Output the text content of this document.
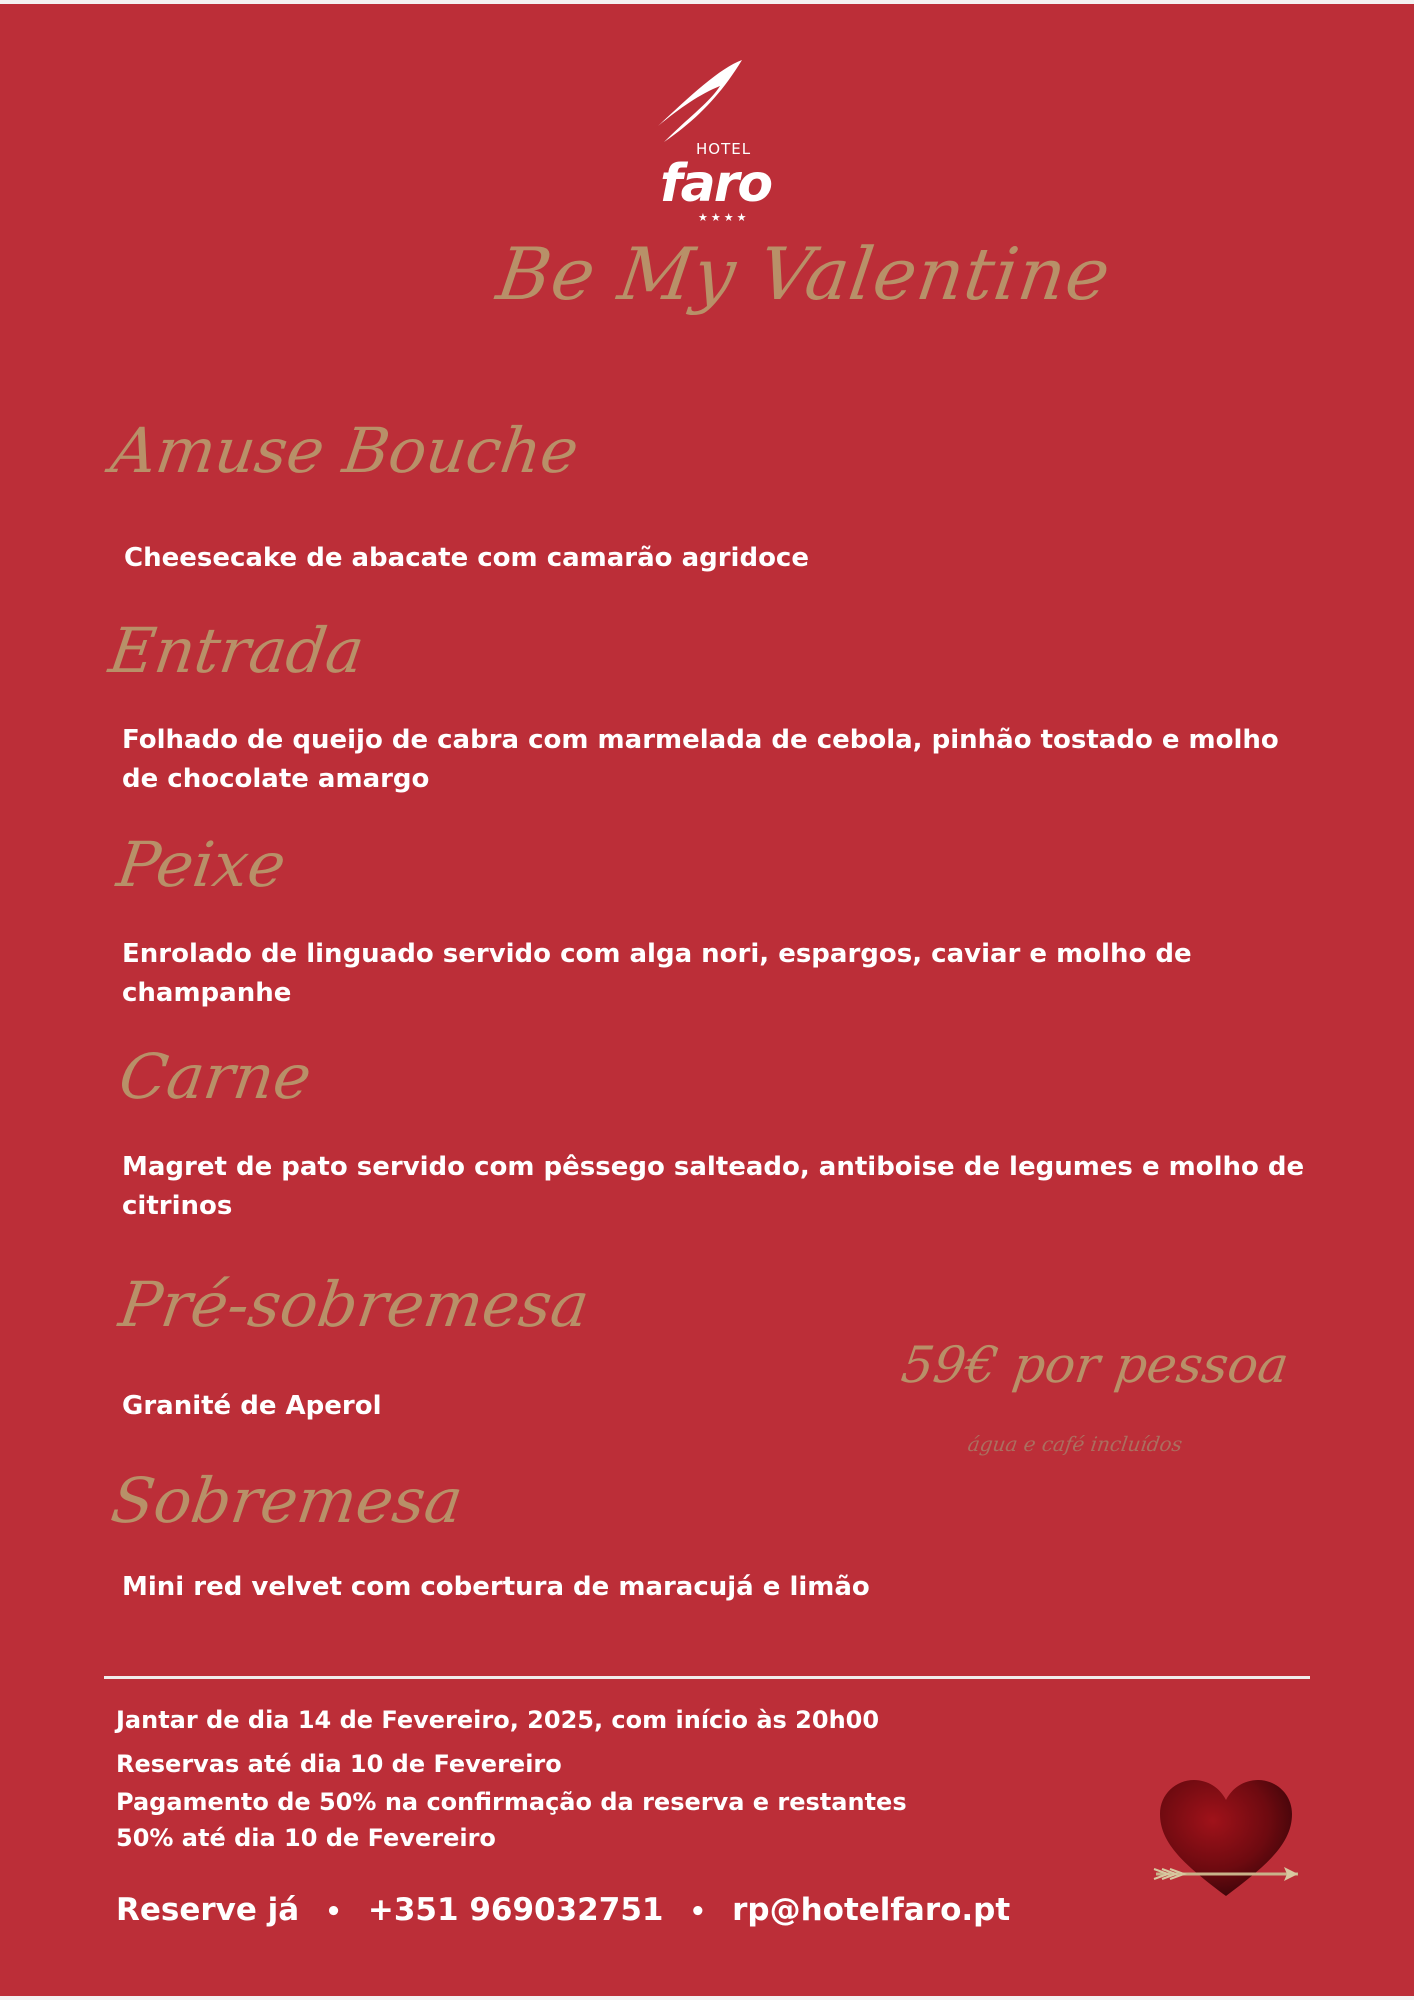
HOTEL
faro
★★★★
Be My Valentine
Amuse Bouche
Cheesecake de abacate com camarão agridoce
Entrada
Folhado de queijo de cabra com marmelada de cebola, pinhão tostado e molho de chocolate amargo
Peixe
Enrolado de linguado servido com alga nori, espargos, caviar e molho de champanhe
Carne
Magret de pato servido com pêssego salteado, antiboise de legumes e molho de citrinos
Pré-sobremesa
Granité de Aperol
Sobremesa
Mini red velvet com cobertura de maracujá e limão
59€ por pessoa
água e café incluídos
Jantar de dia 14 de Fevereiro, 2025, com início às 20h00
Reservas até dia 10 de Fevereiro
Pagamento de 50% na confirmação da reserva e restantes
50% até dia 10 de Fevereiro
Reserve já • +351 969032751 • rp@hotelfaro.pt
